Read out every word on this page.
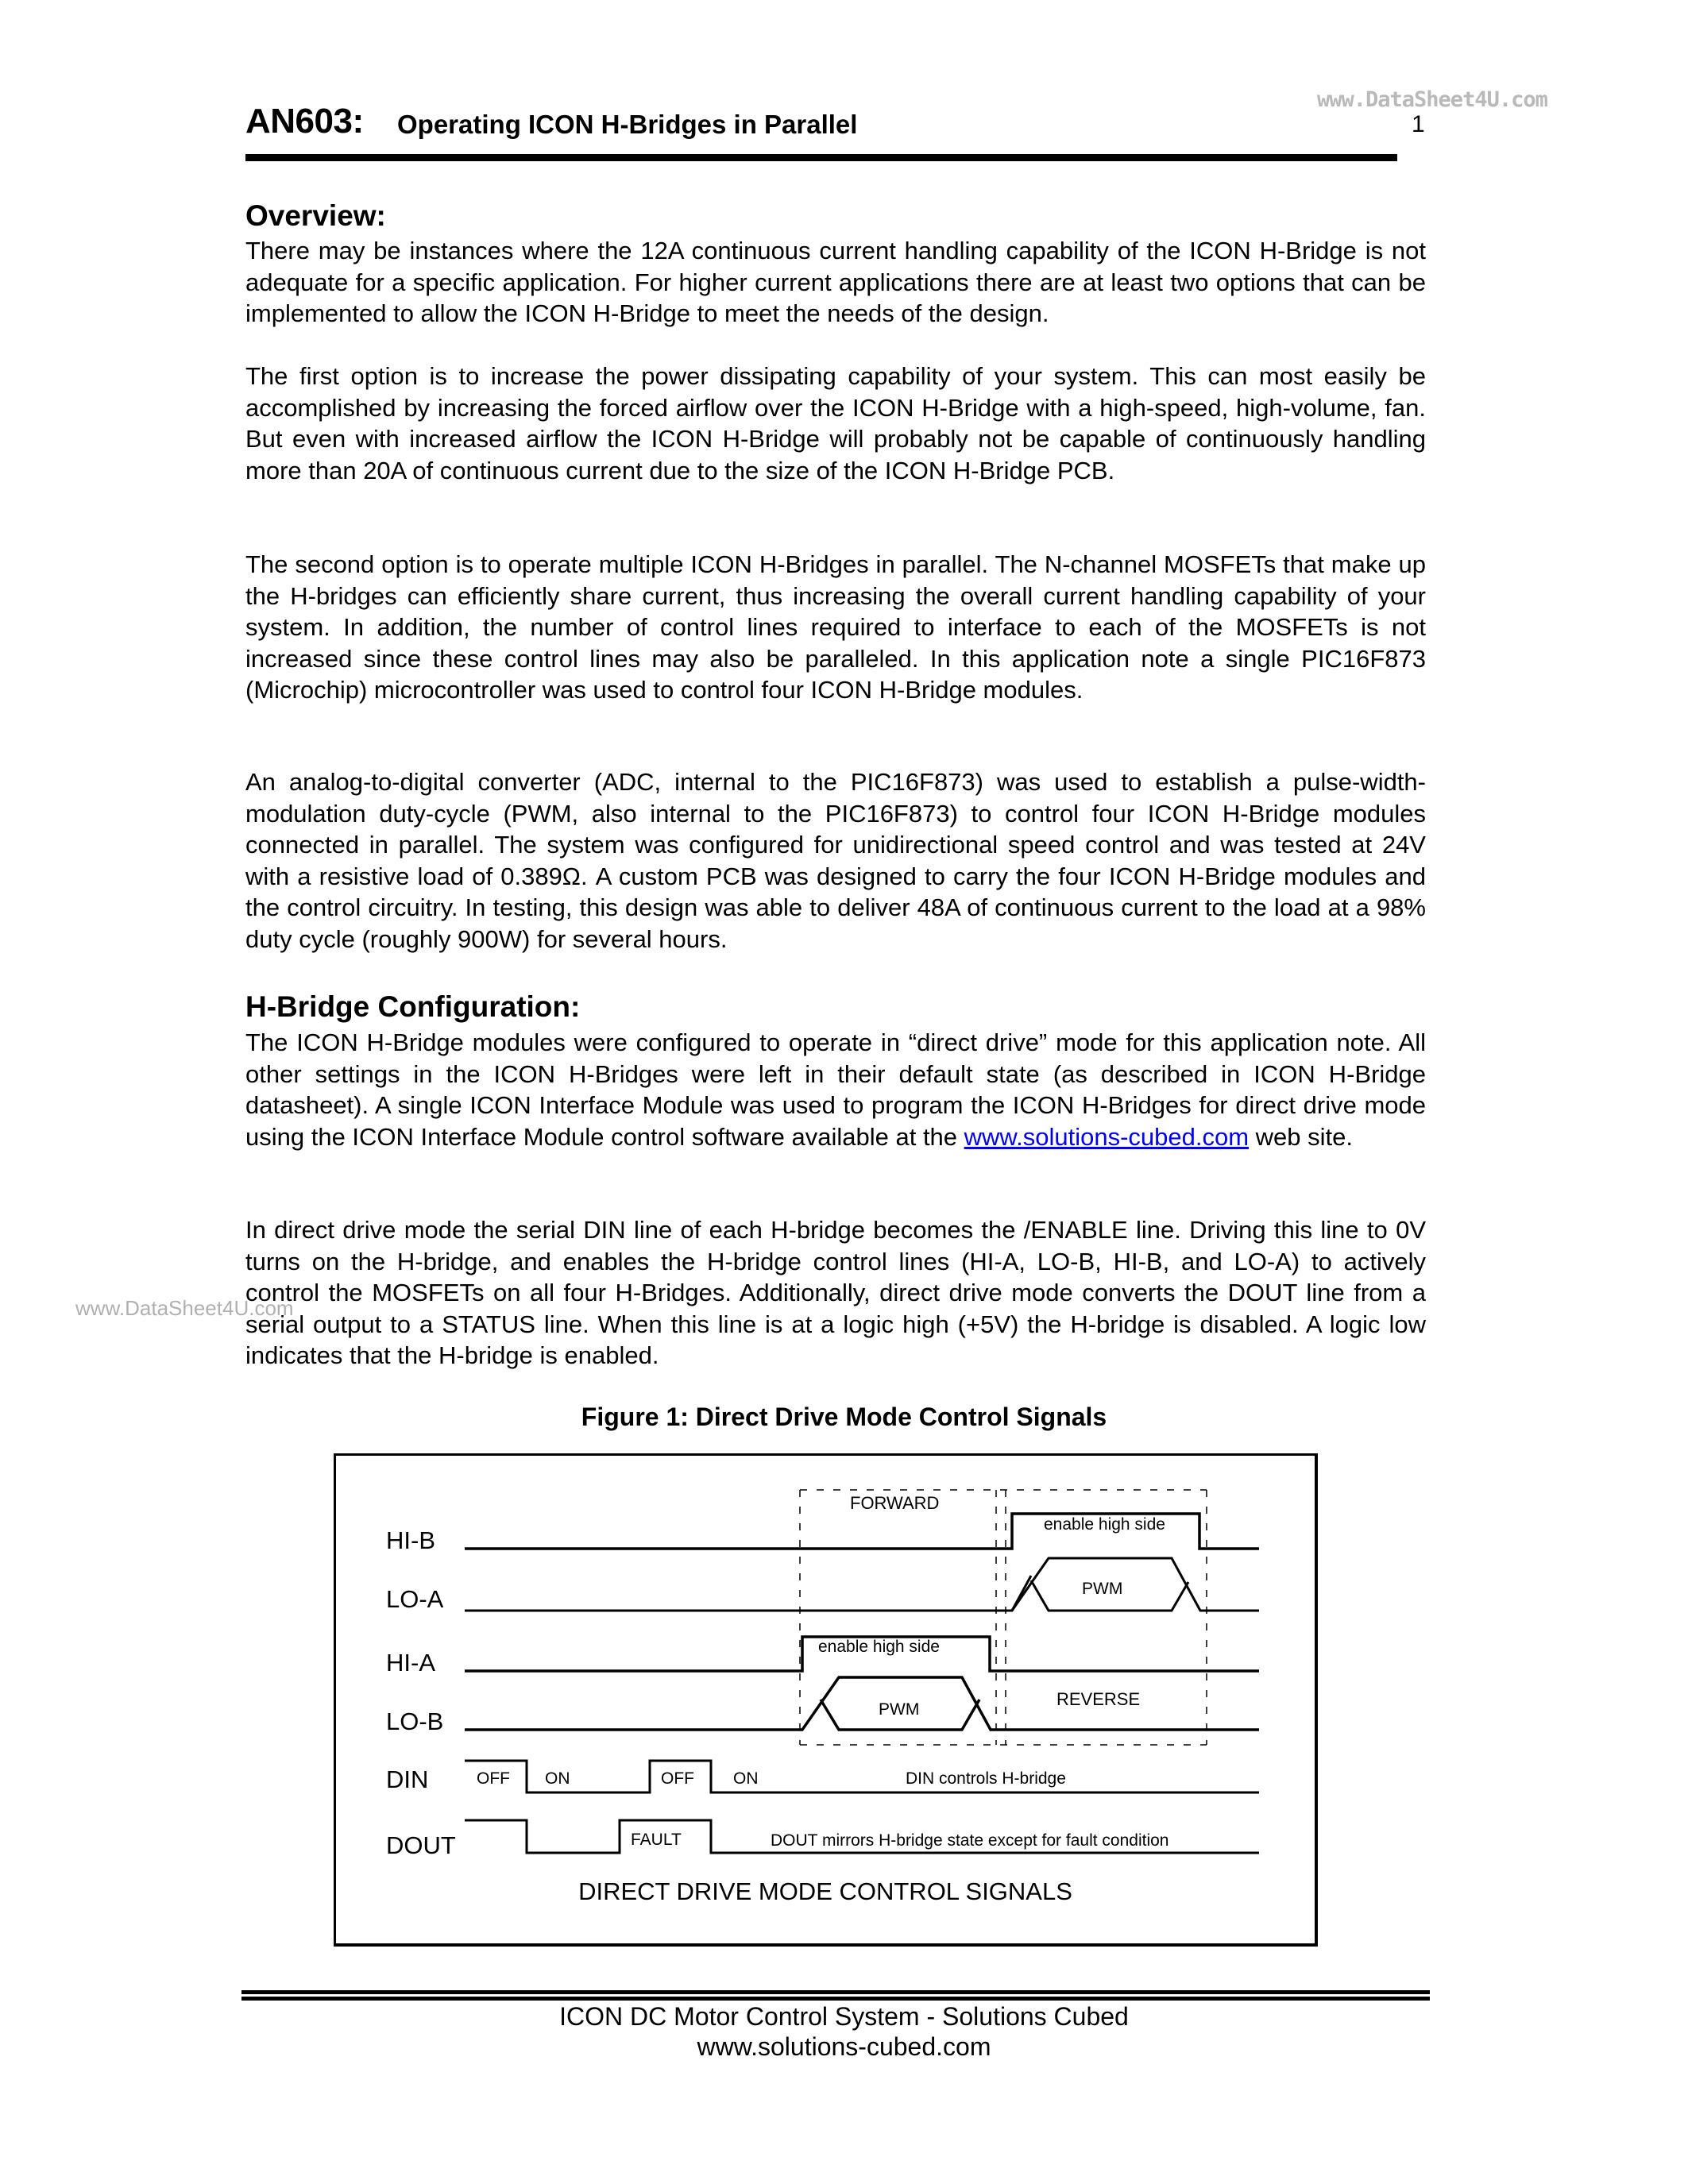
www.DataSheet4U.com
AN603: Operating ICON H-Bridges in Parallel	1
Overview:
There may be instances where the 12A continuous current handling capability of the ICON H-Bridge is not adequate for a specific application. For higher current applications there are at least two options that can be implemented to allow the ICON H-Bridge to meet the needs of the design.
The first option is to increase the power dissipating capability of your system. This can most easily be accomplished by increasing the forced airflow over the ICON H-Bridge with a high-speed, high-volume, fan. But even with increased airflow the ICON H-Bridge will probably not be capable of continuously handling more than 20A of continuous current due to the size of the ICON H-Bridge PCB.
The second option is to operate multiple ICON H-Bridges in parallel. The N-channel MOSFETs that make up the H-bridges can efficiently share current, thus increasing the overall current handling capability of your system. In addition, the number of control lines required to interface to each of the MOSFETs is not increased since these control lines may also be paralleled. In this application note a single PIC16F873 (Microchip) microcontroller was used to control four ICON H-Bridge modules.
An analog-to-digital converter (ADC, internal to the PIC16F873) was used to establish a pulse-width-modulation duty-cycle (PWM, also internal to the PIC16F873) to control four ICON H-Bridge modules connected in parallel. The system was configured for unidirectional speed control and was tested at 24V with a resistive load of 0.389Ω. A custom PCB was designed to carry the four ICON H-Bridge modules and the control circuitry. In testing, this design was able to deliver 48A of continuous current to the load at a 98% duty cycle (roughly 900W) for several hours.
H-Bridge Configuration:
The ICON H-Bridge modules were configured to operate in “direct drive” mode for this application note. All other settings in the ICON H-Bridges were left in their default state (as described in ICON H-Bridge datasheet). A single ICON Interface Module was used to program the ICON H-Bridges for direct drive mode using the ICON Interface Module control software available at the www.solutions-cubed.com web site.
In direct drive mode the serial DIN line of each H-bridge becomes the /ENABLE line. Driving this line to 0V turns on the H-bridge, and enables the H-bridge control lines (HI-A, LO-B, HI-B, and LO-A) to actively control the MOSFETs on all four H-Bridges. Additionally, direct drive mode converts the DOUT line from a serial output to a STATUS line. When this line is at a logic high (+5V) the H-bridge is disabled. A logic low indicates that the H-bridge is enabled.
www.DataSheet4U.com
Figure 1: Direct Drive Mode Control Signals
HI-B
LO-A
HI-A
LO-B
DIN
DOUT
FORWARD
enable high side
PWM
enable high side
REVERSE
PWM
OFF ON	OFF ON	DIN controls H-bridge
FAULT	DOUT mirrors H-bridge state except for fault condition
DIRECT DRIVE MODE CONTROL SIGNALS
ICON DC Motor Control System - Solutions Cubed
www.solutions-cubed.com
